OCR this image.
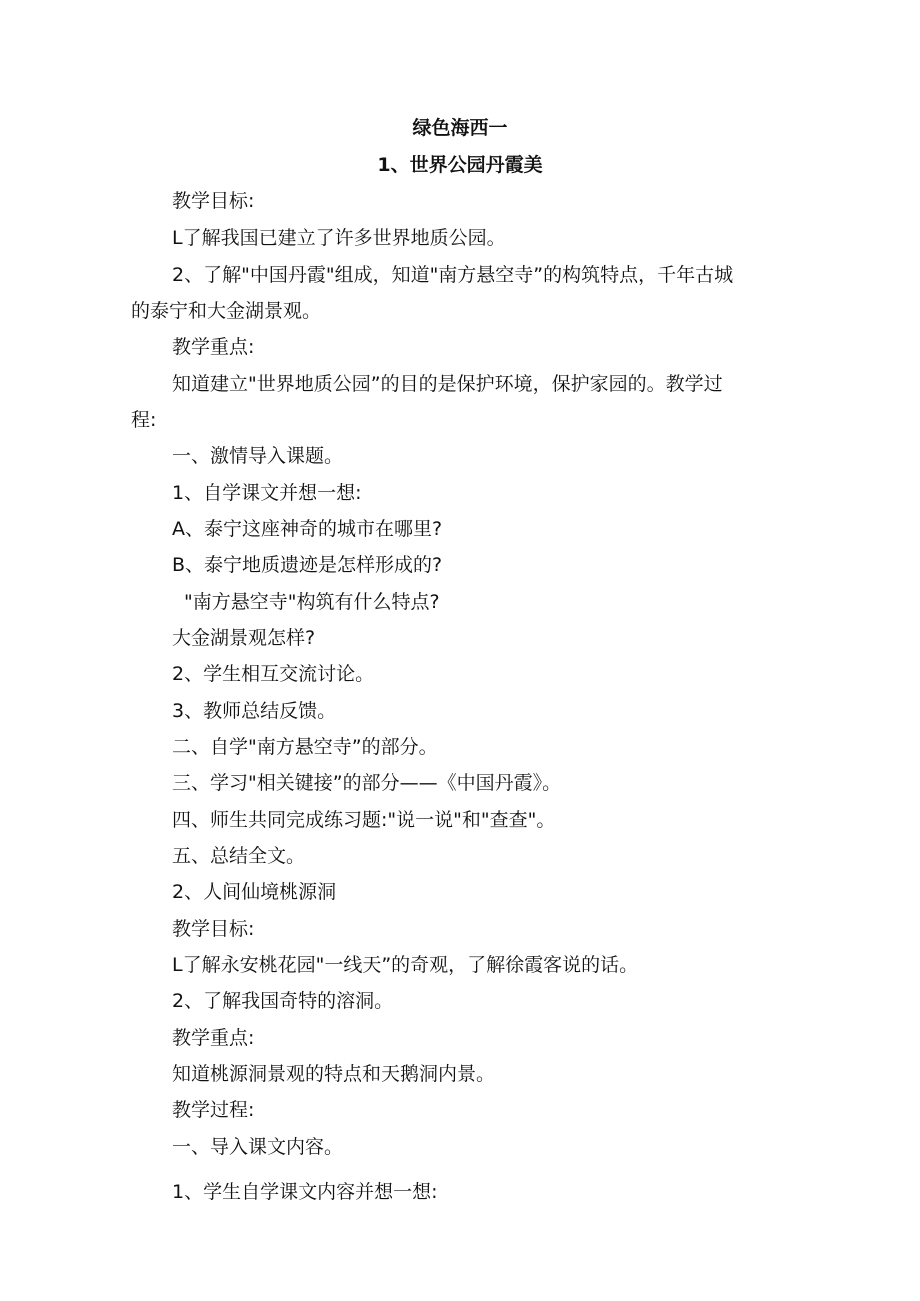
绿色海西一
1、世界公园丹霞美
教学目标:
L了解我国已建立了许多世界地质公园。
2、了解"中国丹霞"组成，知道"南方悬空寺”的构筑特点，千年古城
的泰宁和大金湖景观。
教学重点:
知道建立"世界地质公园”的目的是保护环境，保护家园的。教学过
程:
一、激情导入课题。
1、自学课文并想一想:
A、泰宁这座神奇的城市在哪里?
B、泰宁地质遗迹是怎样形成的?
"南方悬空寺"构筑有什么特点?
大金湖景观怎样?
2、学生相互交流讨论。
3、教师总结反馈。
二、自学"南方悬空寺”的部分。
三、学习"相关键接”的部分——《中国丹霞》。
四、师生共同完成练习题:"说一说"和"查查"。
五、总结全文。
2、人间仙境桃源洞
教学目标:
L了解永安桃花园"一线天”的奇观，了解徐霞客说的话。
2、了解我国奇特的溶洞。
教学重点:
知道桃源洞景观的特点和天鹅洞内景。
教学过程:
一、导入课文内容。
1、学生自学课文内容并想一想:
